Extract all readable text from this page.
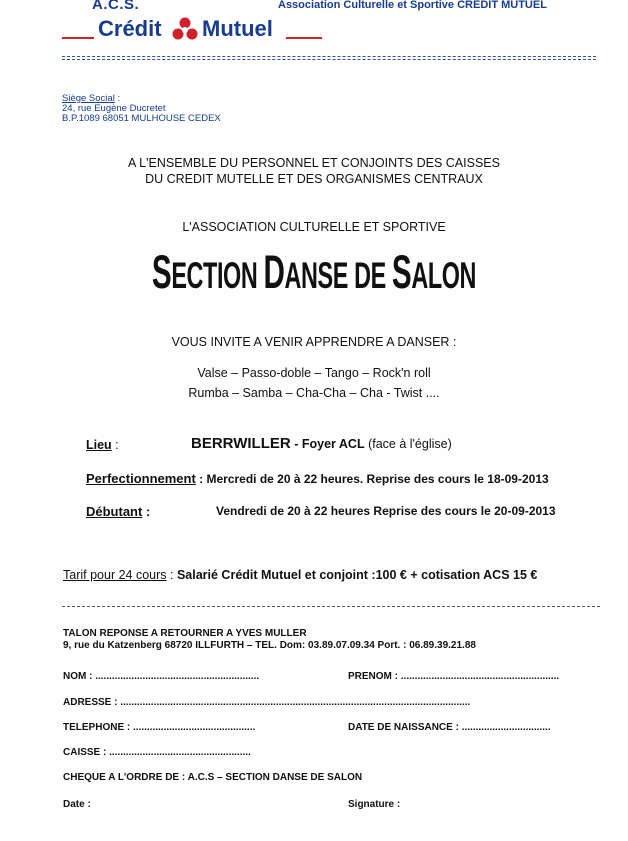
A.C.S.
Crédit Mutuel
Association Culturelle et Sportive CRÉDIT MUTUEL
Siège Social :
24, rue Eugène Ducretet
B.P.1089 68051 MULHOUSE CEDEX
A L'ENSEMBLE DU PERSONNEL ET CONJOINTS DES CAISSES
DU CREDIT MUTELLE ET DES ORGANISMES CENTRAUX
L'ASSOCIATION CULTURELLE ET SPORTIVE
SECTION DANSE DE SALON
VOUS INVITE A VENIR APPRENDRE A DANSER :
Valse – Passo-doble – Tango – Rock'n roll
Rumba – Samba – Cha-Cha – Cha - Twist ....
Lieu :	BERRWILLER - Foyer ACL (face à l'église)
Perfectionnement : Mercredi de 20 à 22 heures. Reprise des cours le 18-09-2013
Débutant :	Vendredi de 20 à 22 heures Reprise des cours le 20-09-2013
Tarif pour 24 cours : Salarié Crédit Mutuel et conjoint :100 € + cotisation ACS 15 €
TALON REPONSE A RETOURNER A YVES MULLER
9, rue du Katzenberg 68720 ILLFURTH – TEL. Dom: 03.89.07.09.34 Port. : 06.89.39.21.88
NOM : ...........................................................	PRENOM : .........................................................
ADRESSE : ..............................................................................................................................
TELEPHONE : ............................................	DATE DE NAISSANCE : ................................
CAISSE : ...................................................
CHEQUE A L'ORDRE DE : A.C.S – SECTION DANSE DE SALON
Date :	Signature :
